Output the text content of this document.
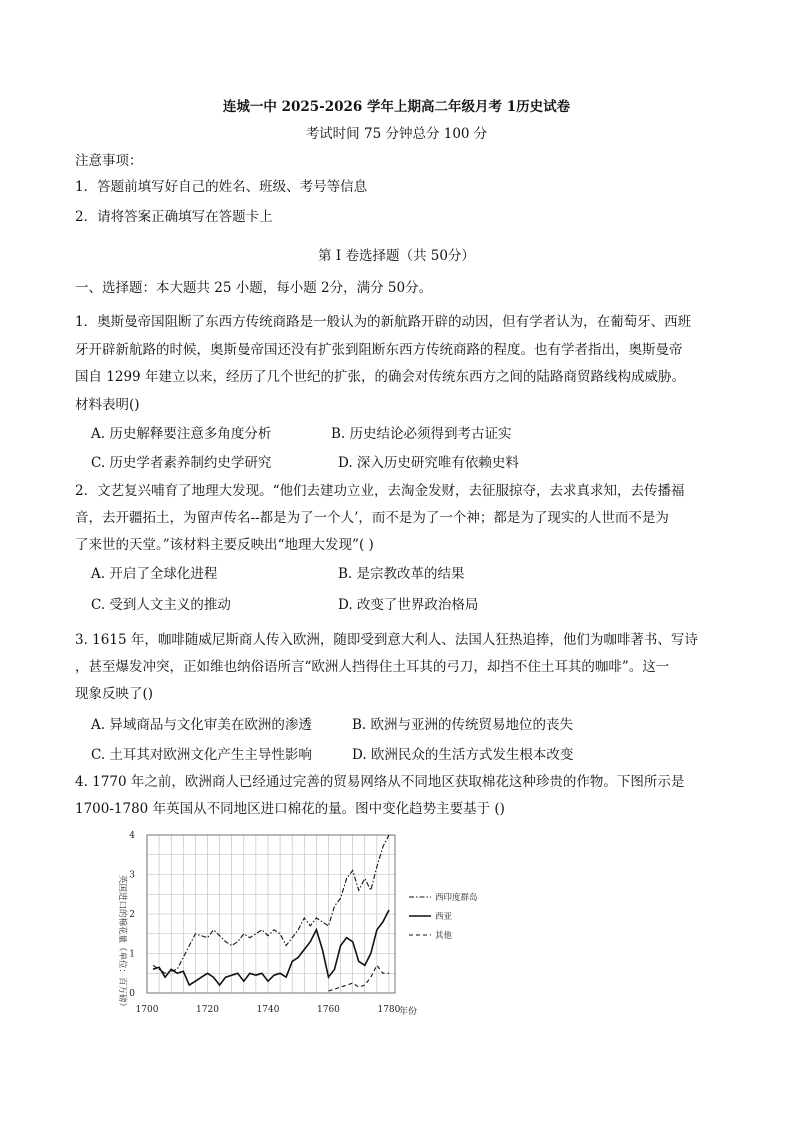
连城一中 2025-2026 学年上期高二年级月考 1历史试卷
考试时间 75 分钟总分 100 分
注意事项：
1．答题前填写好自己的姓名、班级、考号等信息
2．请将答案正确填写在答题卡上
第 I 卷选择题（共 50分）
一、选择题：本大题共 25 小题，每小题 2分，满分 50分。
1．奥斯曼帝国阻断了东西方传统商路是一般认为的新航路开辟的动因，但有学者认为，在葡萄牙、西班
牙开辟新航路的时候，奥斯曼帝国还没有扩张到阻断东西方传统商路的程度。也有学者指出，奥斯曼帝
国自 1299 年建立以来，经历了几个世纪的扩张，的确会对传统东西方之间的陆路商贸路线构成威胁。
材料表明()
A. 历史解释要注意多角度分析	B. 历史结论必须得到考古证实
C. 历史学者素养制约史学研究	D. 深入历史研究唯有依赖史料
2．文艺复兴哺育了地理大发现。“他们去建功立业，去淘金发财，去征服掠夺，去求真求知，去传播福
音，去开疆拓土，为留声传名--都是为了一个人’，而不是为了一个神；都是为了现实的人世而不是为
了来世的天堂。”该材料主要反映出“地理大发现”( )
A. 开启了全球化进程	B. 是宗教改革的结果
C. 受到人文主义的推动	D. 改变了世界政治格局
3. 1615 年，咖啡随威尼斯商人传入欧洲，随即受到意大利人、法国人狂热追捧，他们为咖啡著书、写诗
，甚至爆发冲突，正如维也纳俗语所言“欧洲人挡得住土耳其的弓刀，却挡不住土耳其的咖啡”。这一
现象反映了()
A. 异域商品与文化审美在欧洲的渗透	B. 欧洲与亚洲的传统贸易地位的丧失
C. 土耳其对欧洲文化产生主导性影响	D. 欧洲民众的生活方式发生根本改变
4. 1770 年之前，欧洲商人已经通过完善的贸易网络从不同地区获取棉花这种珍贵的作物。下图所示是
1700-1780 年英国从不同地区进口棉花的量。图中变化趋势主要基于 ()
1700	1720	1740	1760	1780
0
1
2
3
4
西印度群岛
西亚
其他
英国进口的棉花量（单位：百万磅）
年份
